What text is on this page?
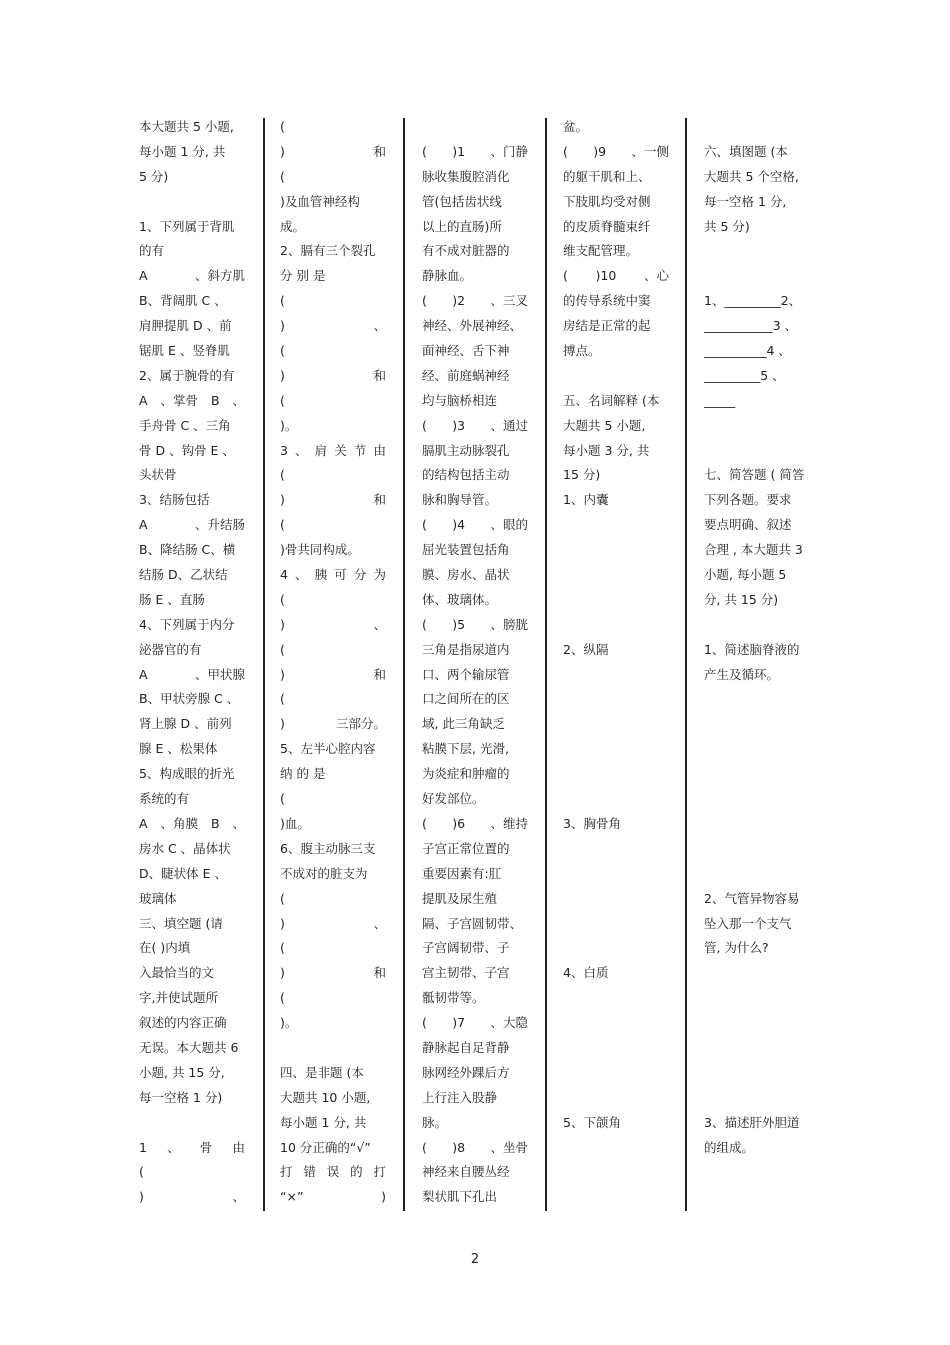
本大题共 5 小题,
每小题 1 分, 共
5 分)
1、下列属于背肌
的有
A	、斜方肌
B、背阔肌 C 、
肩胛提肌 D 、前
锯肌 E 、竖脊肌
2、属于腕骨的有
A 、掌骨 B 、
手舟骨 C 、三角
骨 D 、钩骨 E 、
头状骨
3、结肠包括
A	、升结肠
B、降结肠 C、横
结肠 D、乙状结
肠 E 、直肠
4、下列属于内分
泌器官的有
A	、甲状腺
B、甲状旁腺 C 、
肾上腺 D 、前列
腺 E 、松果体
5、构成眼的折光
系统的有
A 、角膜 B 、
房水 C 、晶体状
D、睫状体 E 、
玻璃体
三、填空题 (请
在( )内填
入最恰当的文
字,并使试题所
叙述的内容正确
无误。本大题共 6
小题, 共 15 分,
每一空格 1 分)
1 、 骨 由
(
)	、
(
)	和
(
)及血管神经构
成。
2、膈有三个裂孔
分 别 是
(
)	、
(
)	和
(
)。
3 、 肩 关 节 由
(
)	和
(
)骨共同构成。
4 、 胰 可 分 为
(
)	、
(
)	和
(
)	三部分。
5、左半心腔内容
纳 的 是
(
)血。
6、腹主动脉三支
不成对的脏支为
(
)	、
(
)	和
(
)。
四、是非题 (本
大题共 10 小题,
每小题 1 分, 共
10 分正确的“√”
打 错 误 的 打
“×”	)
( )1 、门静
脉收集腹腔消化
管(包括齿状线
以上的直肠)所
有不成对脏器的
静脉血。
( )2 、三叉
神经、外展神经、
面神经、舌下神
经、前庭蜗神经
均与脑桥相连
( )3 、通过
膈肌主动脉裂孔
的结构包括主动
脉和胸导管。
( )4 、眼的
屈光装置包括角
膜、房水、晶状
体、玻璃体。
( )5 、膀胱
三角是指尿道内
口、两个输尿管
口之间所在的区
域, 此三角缺乏
粘膜下层, 光滑,
为炎症和肿瘤的
好发部位。
( )6 、维持
子宫正常位置的
重要因素有:肛
提肌及尿生殖
隔、子宫圆韧带、
子宫阔韧带、子
宫主韧带、子宫
骶韧带等。
( )7 、大隐
静脉起自足背静
脉网经外踝后方
上行注入股静
脉。
( )8 、坐骨
神经来自腰丛经
梨状肌下孔出
盆。
( )9 、一侧
的躯干肌和上、
下肢肌均受对侧
的皮质脊髓束纤
维支配管理。
( )10 、心
的传导系统中窦
房结是正常的起
搏点。
五、名词解释 (本
大题共 5 小题,
每小题 3 分, 共
15 分)
1、内囊
2、纵隔
3、胸骨角
4、白质
5、下颌角
六、填图题 (本
大题共 5 个空格,
每一空格 1 分,
共 5 分)
1、_________2、
___________3 、
__________4 、
_________5 、
_____
七、简答题 ( 简答
下列各题。要求
要点明确、叙述
合理 , 本大题共 3
小题, 每小题 5
分, 共 15 分)
1、简述脑脊液的
产生及循环。
2、气管异物容易
坠入那一个支气
管, 为什么?
3、描述肝外胆道
的组成。
2
